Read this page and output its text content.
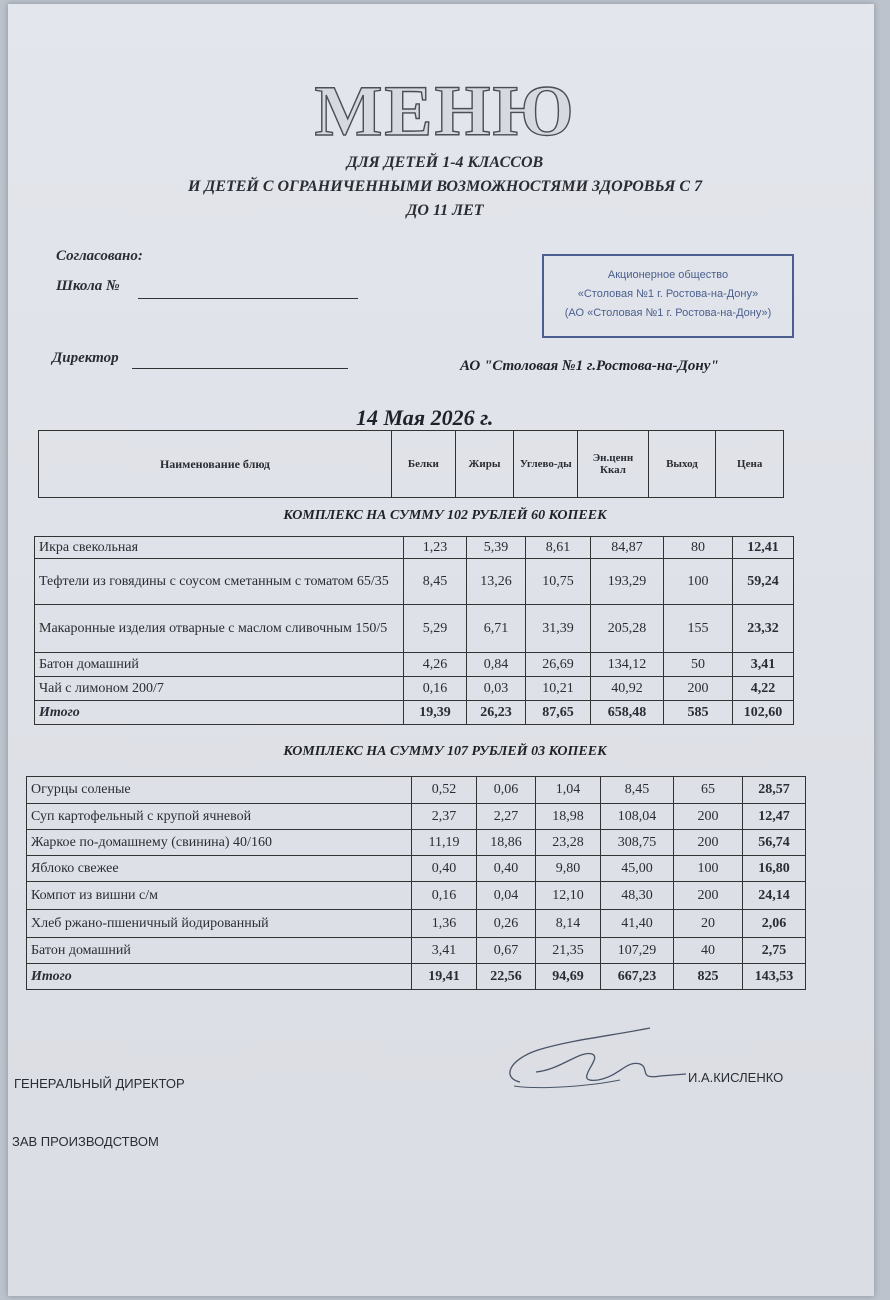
МЕНЮ
ДЛЯ ДЕТЕЙ 1-4 КЛАССОВ
И ДЕТЕЙ С ОГРАНИЧЕННЫМИ ВОЗМОЖНОСТЯМИ ЗДОРОВЬЯ С 7
ДО 11 ЛЕТ
Согласовано:
Школа №
Директор
Акционерное общество
«Столовая №1 г. Ростова-на-Дону»
(АО «Столовая №1 г. Ростова-на-Дону»)
АО "Столовая №1 г.Ростова-на-Дону"
14 Мая 2026 г.
Наименование блюд	Белки	Жиры	Углево-ды	Эн.ценн Ккал	Выход	Цена
КОМПЛЕКС НА СУММУ 102 РУБЛЕЙ 60 КОПЕЕК
Икра свекольная	1,23	5,39	8,61	84,87	80	12,41
Тефтели из говядины с соусом сметанным с томатом 65/35	8,45	13,26	10,75	193,29	100	59,24
Макаронные изделия отварные с маслом сливочным 150/5	5,29	6,71	31,39	205,28	155	23,32
Батон домашний	4,26	0,84	26,69	134,12	50	3,41
Чай с лимоном 200/7	0,16	0,03	10,21	40,92	200	4,22
Итого	19,39	26,23	87,65	658,48	585	102,60
КОМПЛЕКС НА СУММУ 107 РУБЛЕЙ 03 КОПЕЕК
Огурцы соленые	0,52	0,06	1,04	8,45	65	28,57
Суп картофельный с крупой ячневой	2,37	2,27	18,98	108,04	200	12,47
Жаркое по-домашнему (свинина) 40/160	11,19	18,86	23,28	308,75	200	56,74
Яблоко свежее	0,40	0,40	9,80	45,00	100	16,80
Компот из вишни с/м	0,16	0,04	12,10	48,30	200	24,14
Хлеб ржано-пшеничный йодированный	1,36	0,26	8,14	41,40	20	2,06
Батон домашний	3,41	0,67	21,35	107,29	40	2,75
Итого	19,41	22,56	94,69	667,23	825	143,53
ГЕНЕРАЛЬНЫЙ ДИРЕКТОР	И.А.КИСЛЕНКО
ЗАВ ПРОИЗВОДСТВОМ
